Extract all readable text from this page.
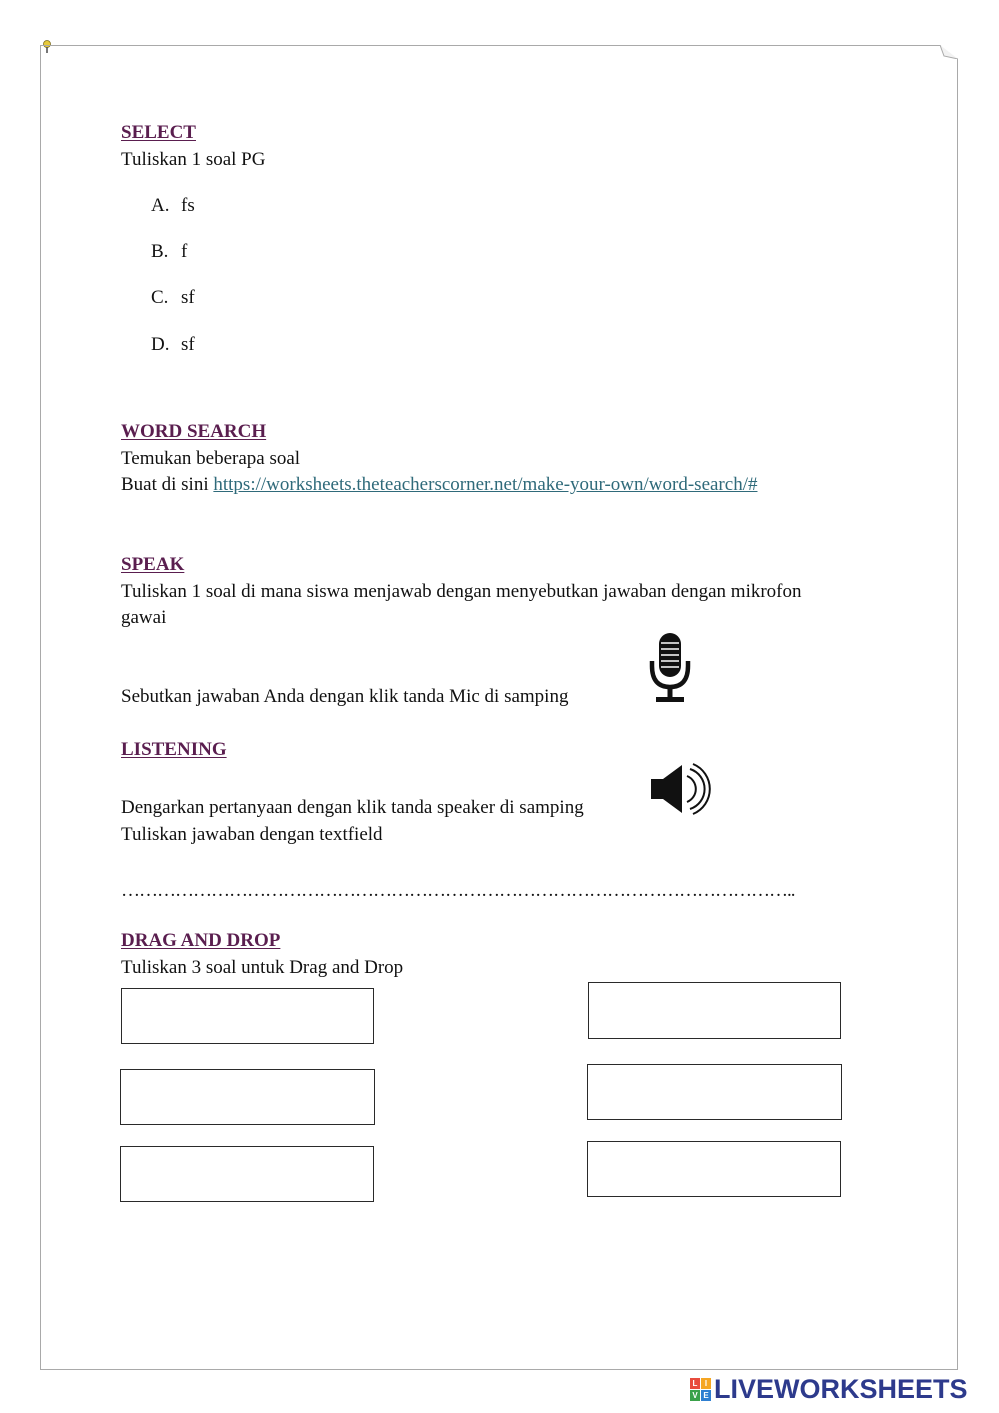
SELECT
Tuliskan 1 soal PG
A. fs
B. f
C. sf
D. sf
WORD SEARCH
Temukan beberapa soal
Buat di sini https://worksheets.theteacherscorner.net/make-your-own/word-search/#
SPEAK
Tuliskan 1 soal di mana siswa menjawab dengan menyebutkan jawaban dengan mikrofon
gawai
Sebutkan jawaban Anda dengan klik tanda Mic di samping
LISTENING
Dengarkan pertanyaan dengan klik tanda speaker di samping
Tuliskan jawaban dengan textfield
…………………………………………………………………………………………………..
DRAG AND DROP
Tuliskan 3 soal untuk Drag and Drop
L I
V E LIVEWORKSHEETS
